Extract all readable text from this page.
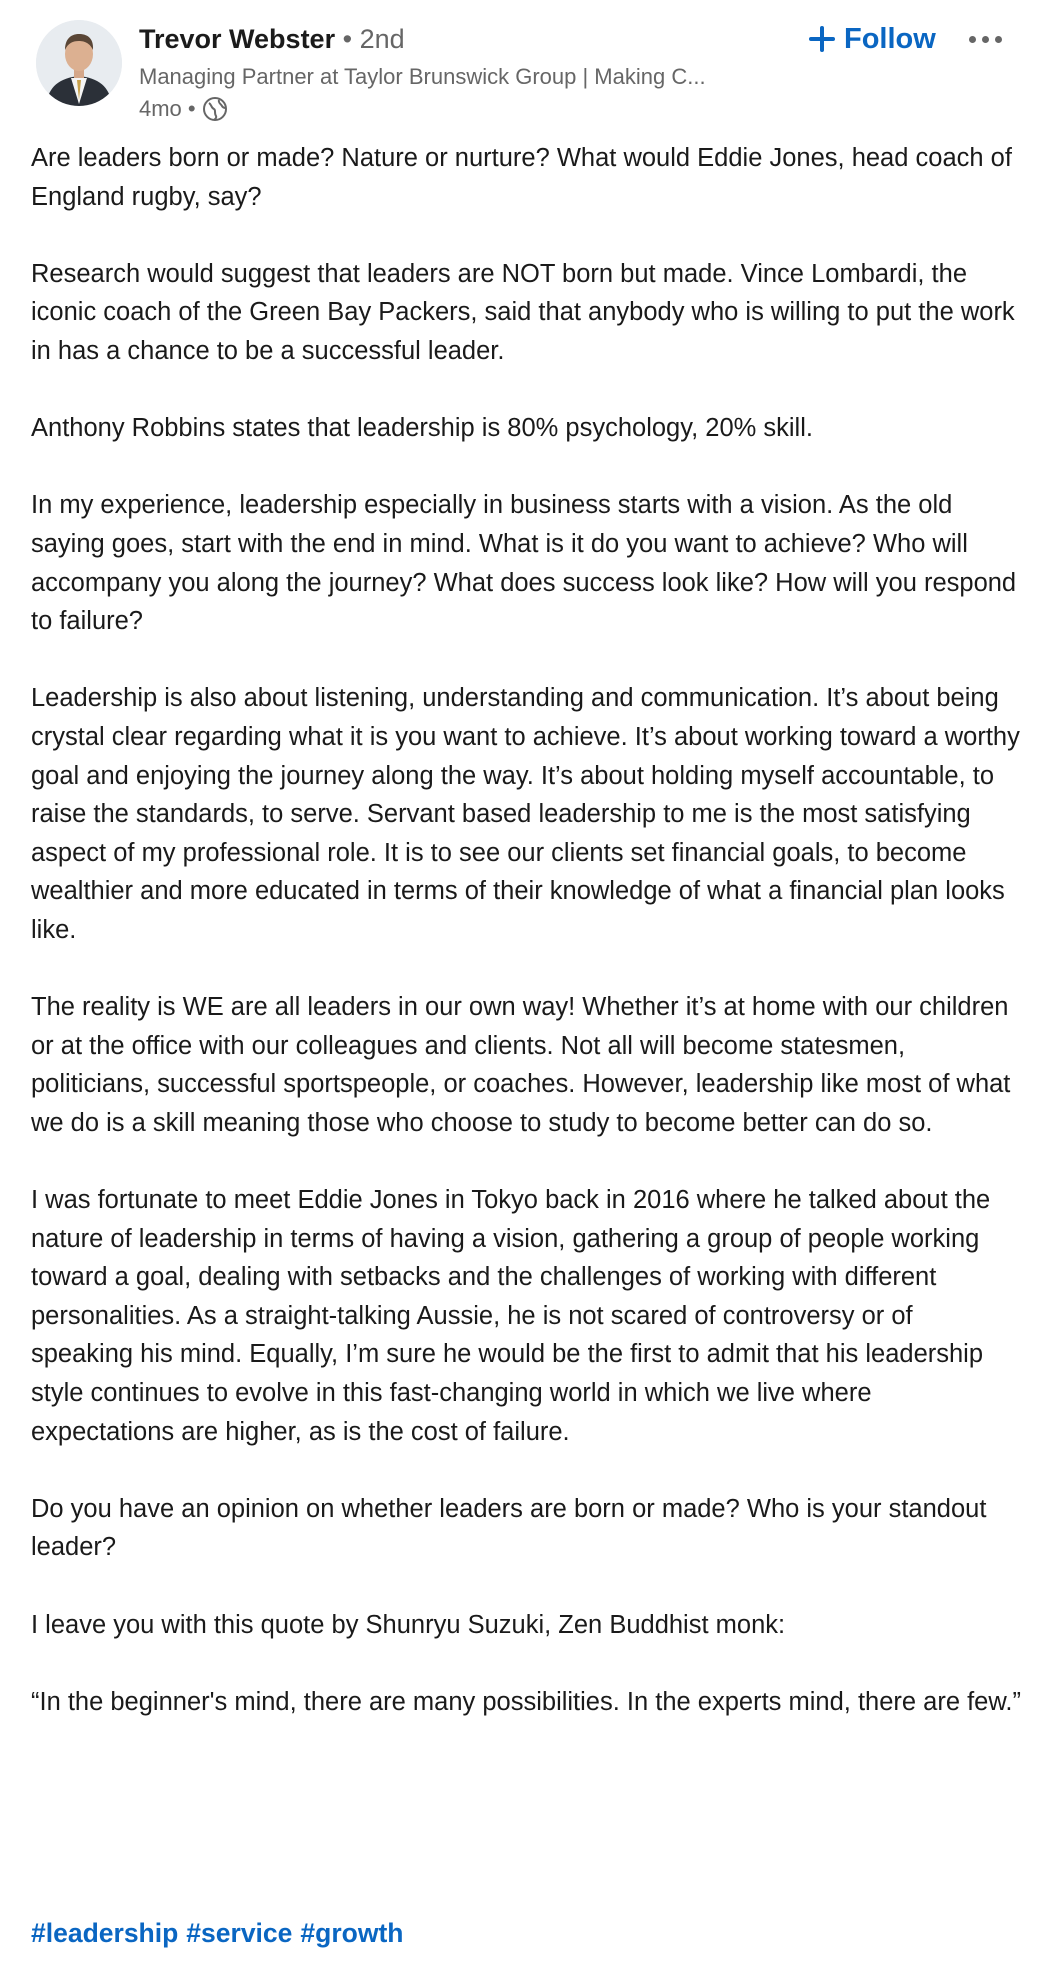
Trevor Webster • 2nd
Managing Partner at Taylor Brunswick Group | Making C...
4mo •
Follow

Are leaders born or made? Nature or nurture? What would Eddie Jones, head coach of England rugby, say?

Research would suggest that leaders are NOT born but made. Vince Lombardi, the iconic coach of the Green Bay Packers, said that anybody who is willing to put the work in has a chance to be a successful leader.

Anthony Robbins states that leadership is 80% psychology, 20% skill.

In my experience, leadership especially in business starts with a vision. As the old saying goes, start with the end in mind. What is it do you want to achieve? Who will accompany you along the journey? What does success look like? How will you respond to failure?

Leadership is also about listening, understanding and communication. It’s about being crystal clear regarding what it is you want to achieve. It’s about working toward a worthy goal and enjoying the journey along the way. It’s about holding myself accountable, to raise the standards, to serve. Servant based leadership to me is the most satisfying aspect of my professional role. It is to see our clients set financial goals, to become wealthier and more educated in terms of their knowledge of what a financial plan looks like.

The reality is WE are all leaders in our own way! Whether it’s at home with our children or at the office with our colleagues and clients. Not all will become statesmen, politicians, successful sportspeople, or coaches. However, leadership like most of what we do is a skill meaning those who choose to study to become better can do so.

I was fortunate to meet Eddie Jones in Tokyo back in 2016 where he talked about the nature of leadership in terms of having a vision, gathering a group of people working toward a goal, dealing with setbacks and the challenges of working with different personalities. As a straight-talking Aussie, he is not scared of controversy or of speaking his mind. Equally, I’m sure he would be the first to admit that his leadership style continues to evolve in this fast-changing world in which we live where expectations are higher, as is the cost of failure.

Do you have an opinion on whether leaders are born or made? Who is your standout leader?

I leave you with this quote by Shunryu Suzuki, Zen Buddhist monk:

“In the beginner's mind, there are many possibilities. In the experts mind, there are few.”

#leadership #service #growth
